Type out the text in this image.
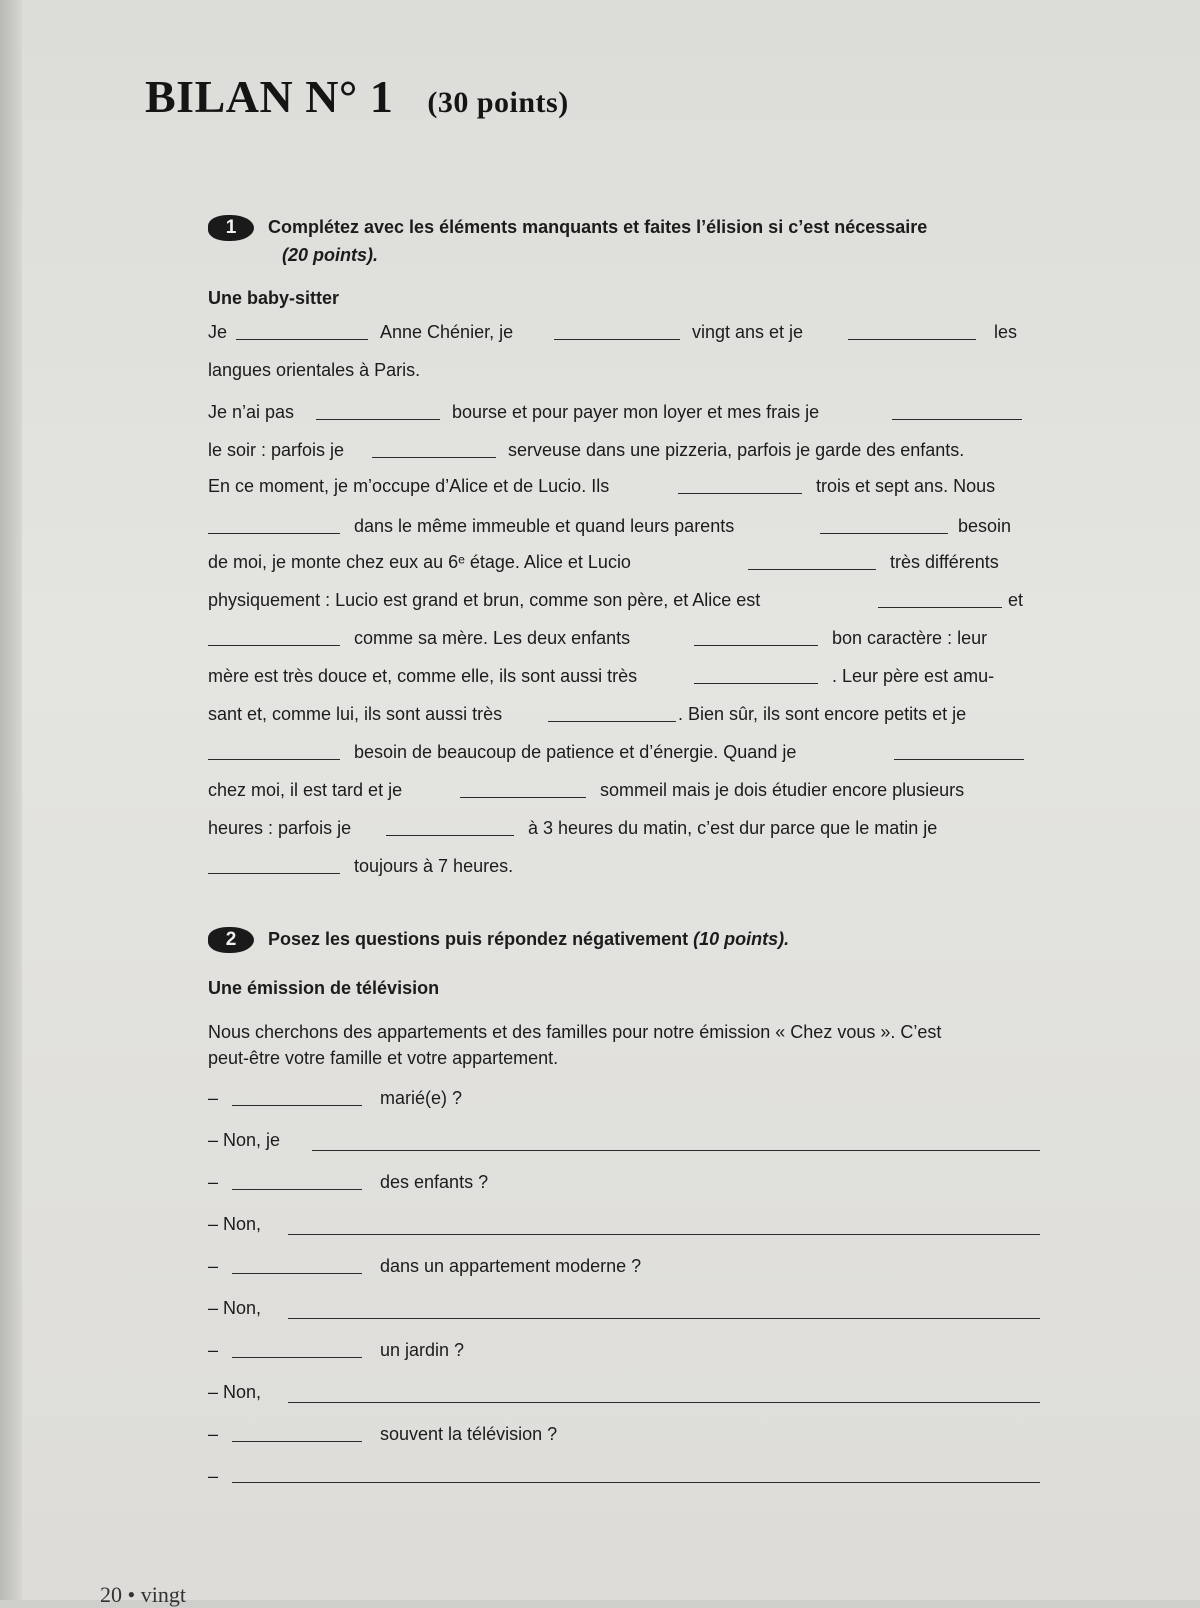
BILAN N° 1 (30 points)
1 Complétez avec les éléments manquants et faites l’élision si c’est nécessaire
(20 points).
Une baby-sitter
Je	Anne Chénier, je	vingt ans et je	les
langues orientales à Paris.
Je n’ai pas	bourse et pour payer mon loyer et mes frais je
le soir : parfois je	serveuse dans une pizzeria, parfois je garde des enfants.
En ce moment, je m’occupe d’Alice et de Lucio. Ils	trois et sept ans. Nous
dans le même immeuble et quand leurs parents	besoin
de moi, je monte chez eux au 6ᵉ étage. Alice et Lucio	très différents
physiquement : Lucio est grand et brun, comme son père, et Alice est	et
comme sa mère. Les deux enfants	bon caractère : leur
mère est très douce et, comme elle, ils sont aussi très	. Leur père est amu-
sant et, comme lui, ils sont aussi très	. Bien sûr, ils sont encore petits et je
besoin de beaucoup de patience et d’énergie. Quand je
chez moi, il est tard et je	sommeil mais je dois étudier encore plusieurs
heures : parfois je	à 3 heures du matin, c’est dur parce que le matin je
toujours à 7 heures.
2 Posez les questions puis répondez négativement (10 points).
Une émission de télévision
Nous cherchons des appartements et des familles pour notre émission « Chez vous ». C’est
peut-être votre famille et votre appartement.
–	marié(e) ?
– Non, je
–	des enfants ?
– Non,
–	dans un appartement moderne ?
– Non,
–	un jardin ?
– Non,
–	souvent la télévision ?
–
20 • vingt
